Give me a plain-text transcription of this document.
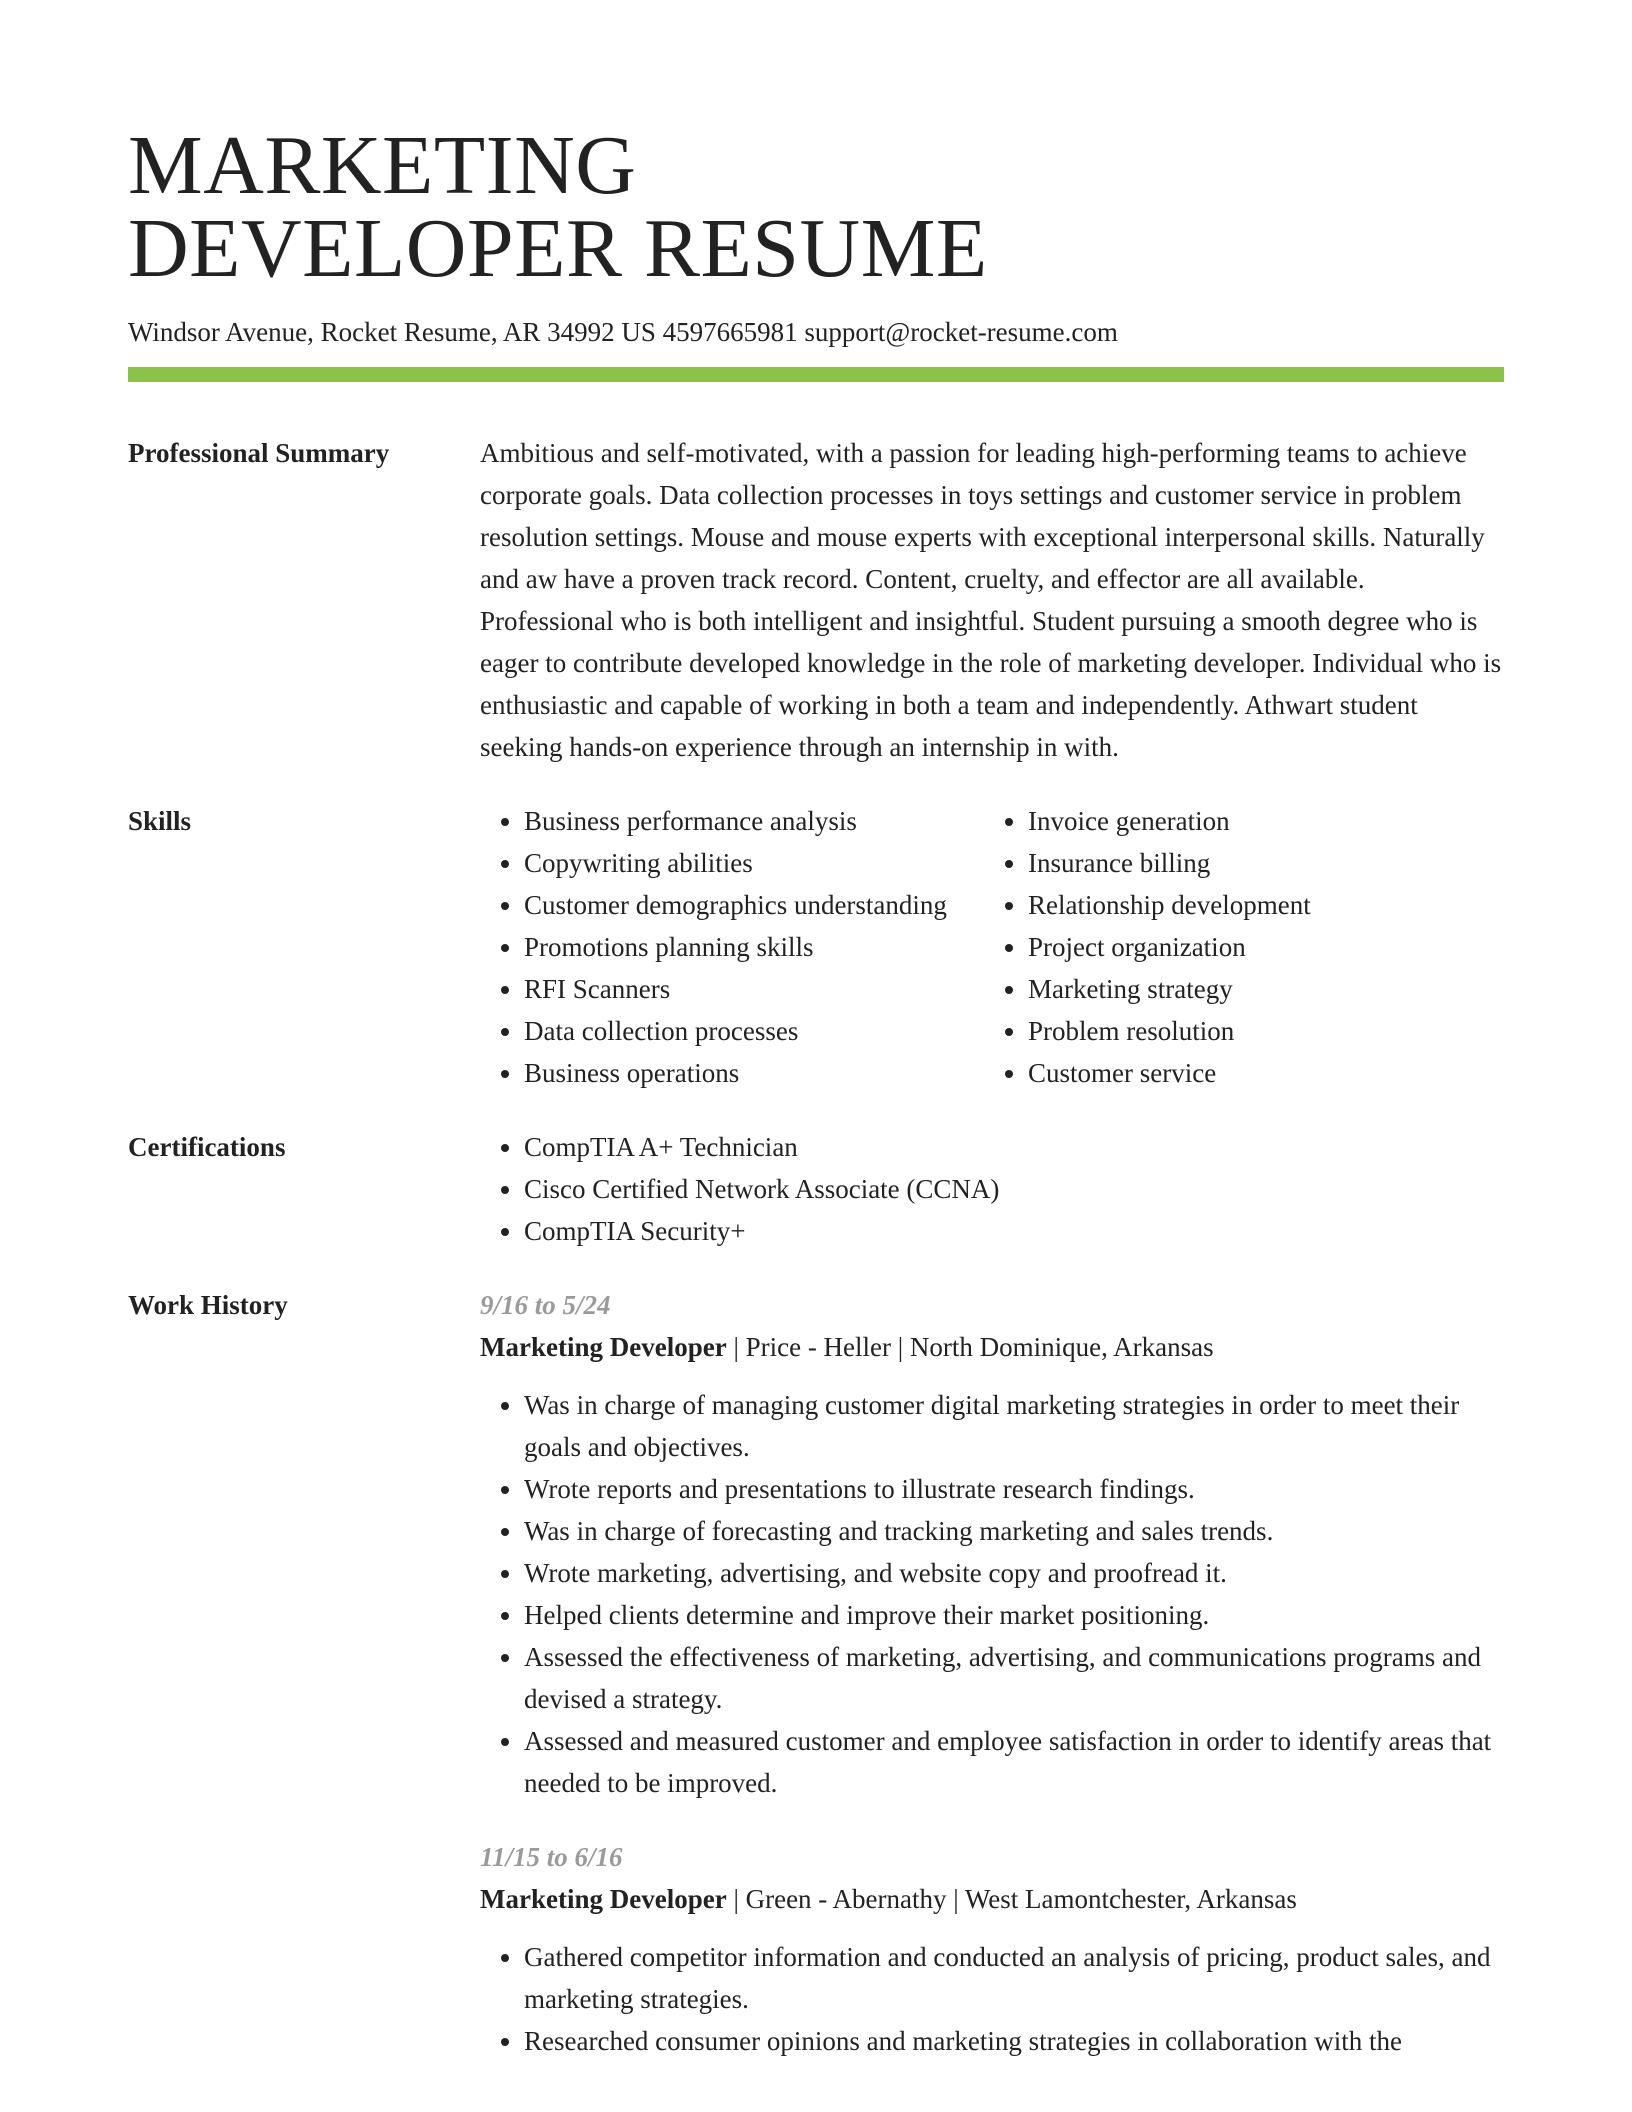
MARKETING
DEVELOPER RESUME
Windsor Avenue, Rocket Resume, AR 34992 US 4597665981 support@rocket-resume.com
Professional Summary	Ambitious and self-motivated, with a passion for leading high-performing teams to achieve corporate goals. Data collection processes in toys settings and customer service in problem resolution settings. Mouse and mouse experts with exceptional interpersonal skills. Naturally and aw have a proven track record. Content, cruelty, and effector are all available. Professional who is both intelligent and insightful. Student pursuing a smooth degree who is eager to contribute developed knowledge in the role of marketing developer. Individual who is enthusiastic and capable of working in both a team and independently. Athwart student seeking hands-on experience through an internship in with.

Skills	• Business performance analysis
• Copywriting abilities
• Customer demographics understanding
• Promotions planning skills
• RFI Scanners
• Data collection processes
• Business operations
• Invoice generation
• Insurance billing
• Relationship development
• Project organization
• Marketing strategy
• Problem resolution
• Customer service
Certifications	• CompTIA A+ Technician
• Cisco Certified Network Associate (CCNA)
• CompTIA Security+
Work History	9/16 to 5/24
Marketing Developer | Price - Heller | North Dominique, Arkansas
• Was in charge of managing customer digital marketing strategies in order to meet their goals and objectives.
• Wrote reports and presentations to illustrate research findings.
• Was in charge of forecasting and tracking marketing and sales trends.
• Wrote marketing, advertising, and website copy and proofread it.
• Helped clients determine and improve their market positioning.
• Assessed the effectiveness of marketing, advertising, and communications programs and devised a strategy.
• Assessed and measured customer and employee satisfaction in order to identify areas that needed to be improved.
11/15 to 6/16
Marketing Developer | Green - Abernathy | West Lamontchester, Arkansas
• Gathered competitor information and conducted an analysis of pricing, product sales, and marketing strategies.
• Researched consumer opinions and marketing strategies in collaboration with the
